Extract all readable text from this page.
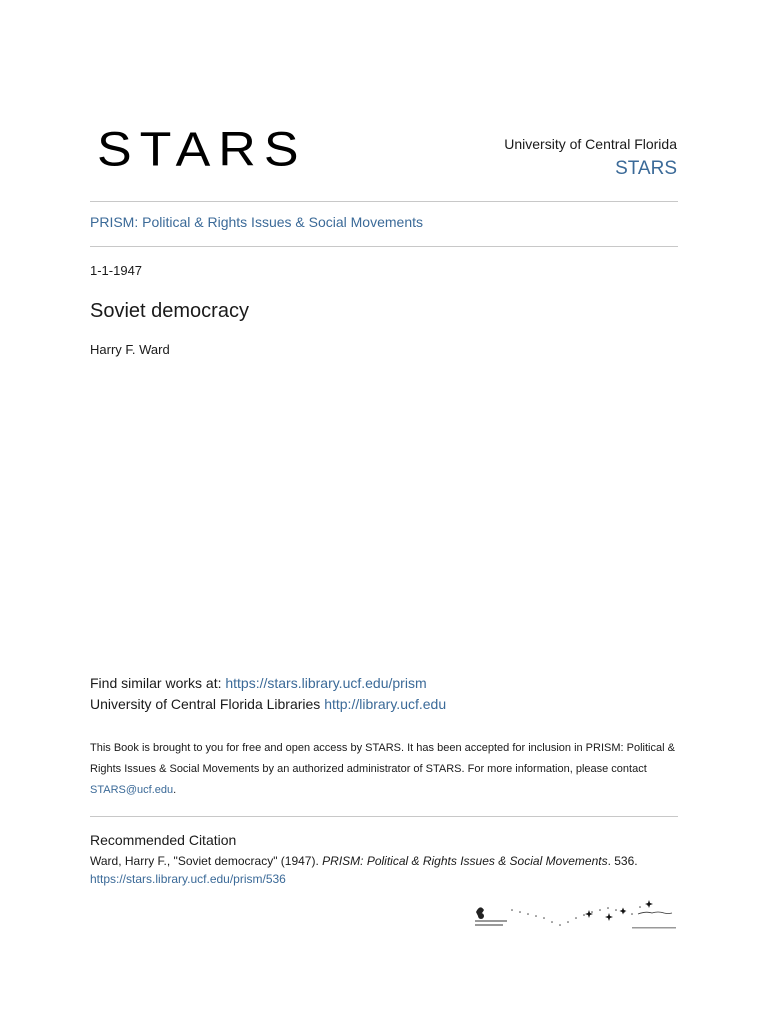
STARS	University of Central Florida
STARS
PRISM: Political & Rights Issues & Social Movements
1-1-1947
Soviet democracy
Harry F. Ward
Find similar works at: https://stars.library.ucf.edu/prism
University of Central Florida Libraries http://library.ucf.edu
This Book is brought to you for free and open access by STARS. It has been accepted for inclusion in PRISM: Political & Rights Issues & Social Movements by an authorized administrator of STARS. For more information, please contact STARS@ucf.edu.
Recommended Citation
Ward, Harry F., "Soviet democracy" (1947). PRISM: Political & Rights Issues & Social Movements. 536.
https://stars.library.ucf.edu/prism/536
